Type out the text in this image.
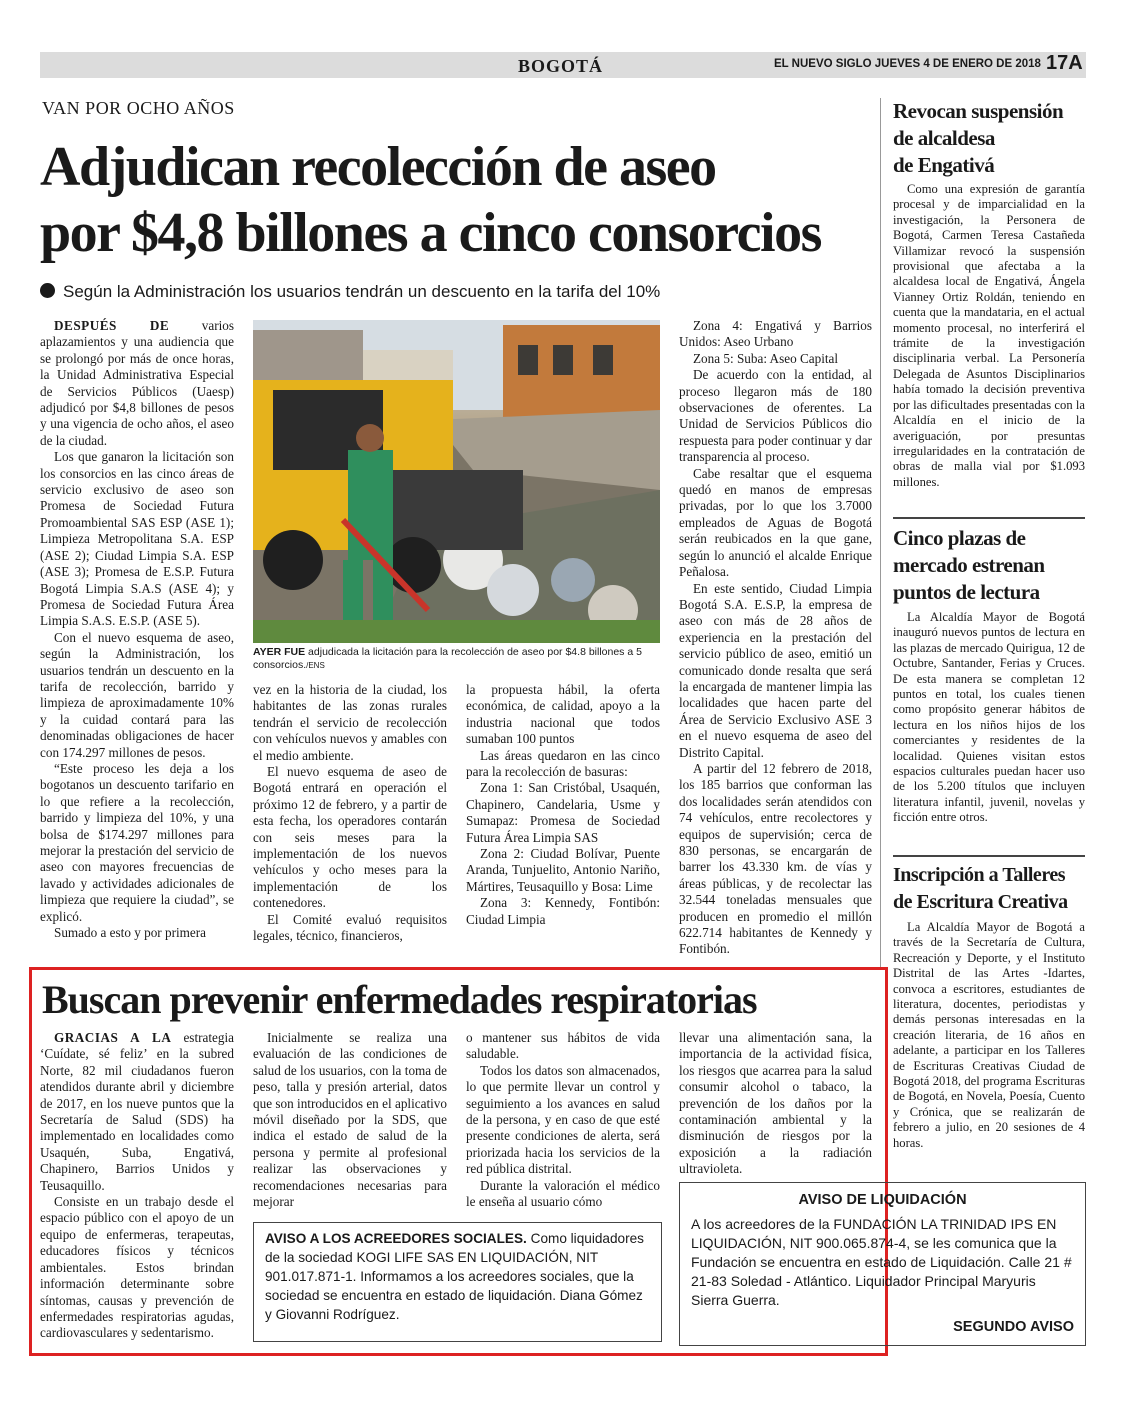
BOGOTÁ	EL NUEVO SIGLO JUEVES 4 DE ENERO DE 2018 17A
VAN POR OCHO AÑOS
Adjudican recolección de aseo
por $4,8 billones a cinco consorcios
Según la Administración los usuarios tendrán un descuento en la tarifa del 10%

DESPUÉS DE varios aplazamientos y una audiencia que se prolongó por más de once horas, la Unidad Administrativa Especial de Servicios Públicos (Uaesp) adjudicó por $4,8 billones de pesos y una vigencia de ocho años, el aseo de la ciudad.

Los que ganaron la licitación son los consorcios en las cinco áreas de servicio exclusivo de aseo son Promesa de Sociedad Futura Promoambiental SAS ESP (ASE 1); Limpieza Metropolitana S.A. ESP (ASE 2); Ciudad Limpia S.A. ESP (ASE 3); Promesa de E.S.P. Futura Bogotá Limpia S.A.S (ASE 4); y Promesa de Sociedad Futura Área Limpia S.A.S. E.S.P. (ASE 5).

Con el nuevo esquema de aseo, según la Administración, los usuarios tendrán un descuento en la tarifa de recolección, barrido y limpieza de aproximadamente 10% y la cuidad contará para las denominadas obligaciones de hacer con 174.297 millones de pesos.

“Este proceso les deja a los bogotanos un descuento tarifario en lo que refiere a la recolección, barrido y limpieza del 10%, y una bolsa de $174.297 millones para mejorar la prestación del servicio de aseo con mayores frecuencias de lavado y actividades adicionales de limpieza que requiere la ciudad”, se explicó.

Sumado a esto y por primera

AYER FUE adjudicada la licitación para la recolección de aseo por $4.8 billones a 5 consorcios./ENS

vez en la historia de la ciudad, los habitantes de las zonas rurales tendrán el servicio de recolección con vehículos nuevos y amables con el medio ambiente.

El nuevo esquema de aseo de Bogotá entrará en operación el próximo 12 de febrero, y a partir de esta fecha, los operadores contarán con seis meses para la implementación de los nuevos vehículos y ocho meses para la implementación de los contenedores.

El Comité evaluó requisitos legales, técnico, financieros,

la propuesta hábil, la oferta económica, de calidad, apoyo a la industria nacional que todos sumaban 100 puntos

Las áreas quedaron en las cinco para la recolección de basuras:

Zona 1: San Cristóbal, Usaquén, Chapinero, Candelaria, Usme y Sumapaz: Promesa de Sociedad Futura Área Limpia SAS

Zona 2: Ciudad Bolívar, Puente Aranda, Tunjuelito, Antonio Nariño, Mártires, Teusaquillo y Bosa: Lime

Zona 3: Kennedy, Fontibón: Ciudad Limpia

Zona 4: Engativá y Barrios Unidos: Aseo Urbano

Zona 5: Suba: Aseo Capital

De acuerdo con la entidad, al proceso llegaron más de 180 observaciones de oferentes. La Unidad de Servicios Públicos dio respuesta para poder continuar y dar transparencia al proceso.

Cabe resaltar que el esquema quedó en manos de empresas privadas, por lo que los 3.7000 empleados de Aguas de Bogotá serán reubicados en la que gane, según lo anunció el alcalde Enrique Peñalosa.

En este sentido, Ciudad Limpia Bogotá S.A. E.S.P, la empresa de aseo con más de 28 años de experiencia en la prestación del servicio público de aseo, emitió un comunicado donde resalta que será la encargada de mantener limpia las localidades que hacen parte del Área de Servicio Exclusivo ASE 3 en el nuevo esquema de aseo del Distrito Capital.

A partir del 12 febrero de 2018, los 185 barrios que conforman las dos localidades serán atendidos con 74 vehículos, entre recolectores y equipos de supervisión; cerca de 830 personas, se encargarán de barrer los 43.330 km. de vías y áreas públicas, y de recolectar las 32.544 toneladas mensuales que producen en promedio el millón 622.714 habitantes de Kennedy y Fontibón.

Revocan suspensión
de alcaldesa
de Engativá

Como una expresión de garantía procesal y de imparcialidad en la investigación, la Personera de Bogotá, Carmen Teresa Castañeda Villamizar revocó la suspensión provisional que afectaba a la alcaldesa local de Engativá, Ángela Vianney Ortiz Roldán, teniendo en cuenta que la mandataria, en el actual momento procesal, no interferirá el trámite de la investigación disciplinaria verbal. La Personería Delegada de Asuntos Disciplinarios había tomado la decisión preventiva por las dificultades presentadas con la Alcaldía en el inicio de la averiguación, por presuntas irregularidades en la contratación de obras de malla vial por $1.093 millones.

Cinco plazas de
mercado estrenan
puntos de lectura

La Alcaldía Mayor de Bogotá inauguró nuevos puntos de lectura en las plazas de mercado Quirigua, 12 de Octubre, Santander, Ferias y Cruces. De esta manera se completan 12 puntos en total, los cuales tienen como propósito generar hábitos de lectura en los niños hijos de los comerciantes y residentes de la localidad. Quienes visitan estos espacios culturales puedan hacer uso de los 5.200 títulos que incluyen literatura infantil, juvenil, novelas y ficción entre otros.

Inscripción a Talleres
de Escritura Creativa

La Alcaldía Mayor de Bogotá a través de la Secretaría de Cultura, Recreación y Deporte, y el Instituto Distrital de las Artes -Idartes, convoca a escritores, estudiantes de literatura, docentes, periodistas y demás personas interesadas en la creación literaria, de 16 años en adelante, a participar en los Talleres de Escrituras Creativas Ciudad de Bogotá 2018, del programa Escrituras de Bogotá, en Novela, Poesía, Cuento y Crónica, que se realizarán de febrero a julio, en 20 sesiones de 4 horas.

Buscan prevenir enfermedades respiratorias

GRACIAS A LA estrategia ‘Cuídate, sé feliz’ en la subred Norte, 82 mil ciudadanos fueron atendidos durante abril y diciembre de 2017, en los nueve puntos que la Secretaría de Salud (SDS) ha implementado en localidades como Usaquén, Suba, Engativá, Chapinero, Barrios Unidos y Teusaquillo.

Consiste en un trabajo desde el espacio público con el apoyo de un equipo de enfermeras, terapeutas, educadores físicos y técnicos ambientales. Estos brindan información determinante sobre síntomas, causas y prevención de enfermedades respiratorias agudas, cardiovasculares y sedentarismo.

Inicialmente se realiza una evaluación de las condiciones de salud de los usuarios, con la toma de peso, talla y presión arterial, datos que son introducidos en el aplicativo móvil diseñado por la SDS, que indica el estado de salud de la persona y permite al profesional realizar las observaciones y recomendaciones necesarias para mejorar

o mantener sus hábitos de vida saludable.

Todos los datos son almacenados, lo que permite llevar un control y seguimiento a los avances en salud de la persona, y en caso de que esté presente condiciones de alerta, será priorizada hacia los servicios de la red pública distrital.

Durante la valoración el médico le enseña al usuario cómo

llevar una alimentación sana, la importancia de la actividad física, los riesgos que acarrea para la salud consumir alcohol o tabaco, la prevención de los daños por la contaminación ambiental y la disminución de riesgos por la exposición a la radiación ultravioleta.

AVISO A LOS ACREEDORES SOCIALES. Como liquidadores de la sociedad KOGI LIFE SAS EN LIQUIDACIÓN, NIT 901.017.871-1. Informamos a los acreedores sociales, que la sociedad se encuentra en estado de liquidación. Diana Gómez y Giovanni Rodríguez.
AVISO DE LIQUIDACIÓN
A los acreedores de la FUNDACIÓN LA TRINIDAD IPS EN LIQUIDACIÓN, NIT 900.065.874-4, se les comunica que la Fundación se encuentra en estado de Liquidación. Calle 21 # 21-83 Soledad - Atlántico. Liquidador Principal Maryuris Sierra Guerra.
SEGUNDO AVISO
